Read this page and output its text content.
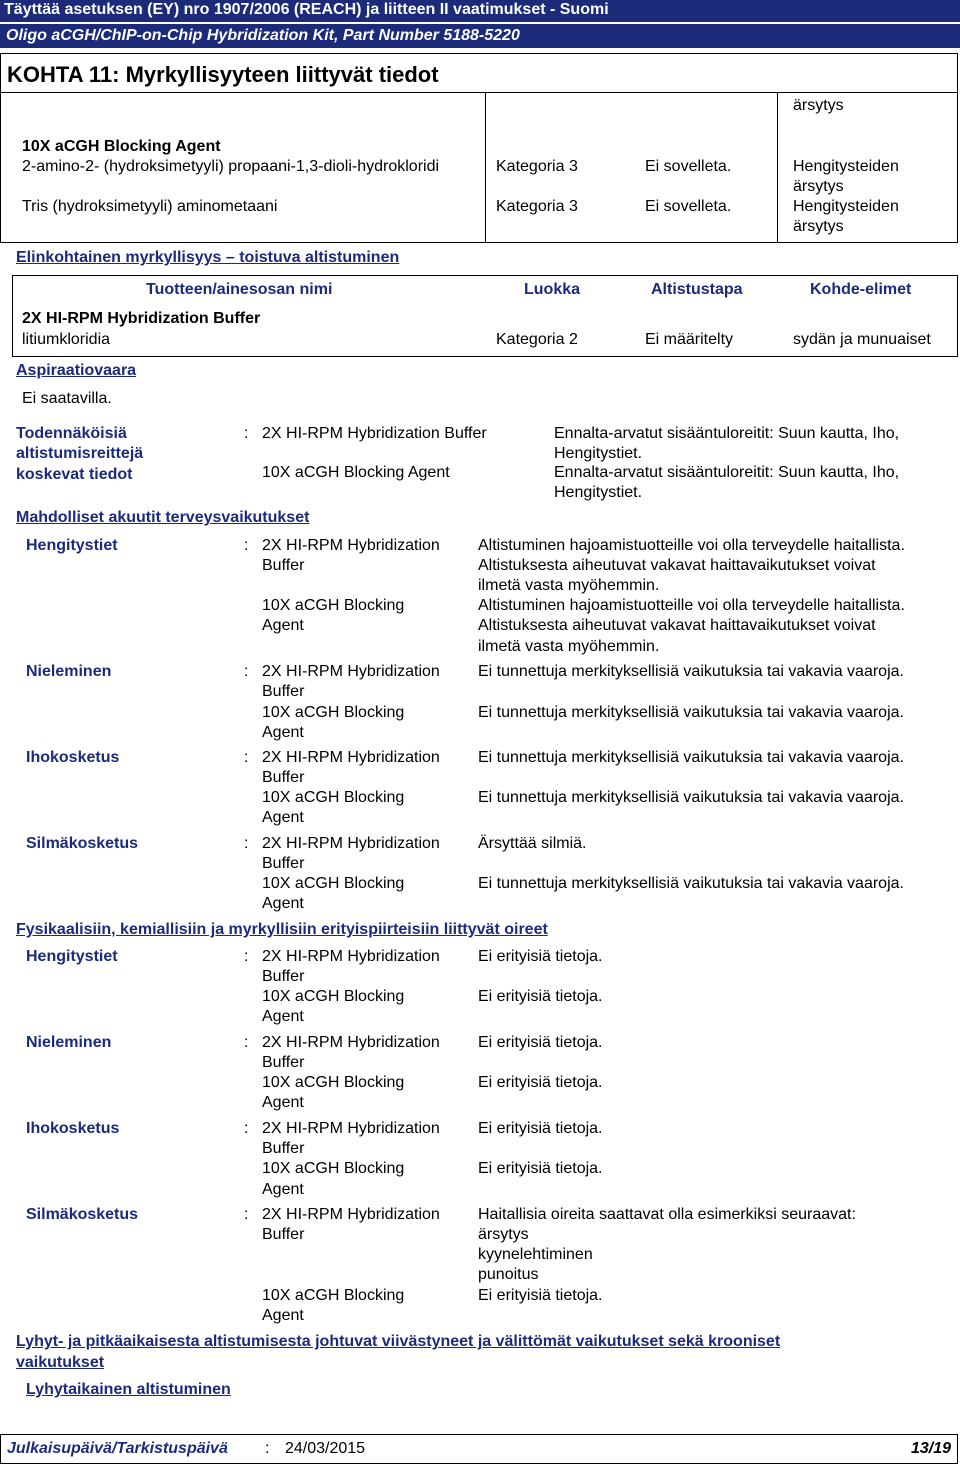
Täyttää asetuksen (EY) nro 1907/2006 (REACH) ja liitteen II vaatimukset - Suomi
Oligo aCGH/ChIP-on-Chip Hybridization Kit, Part Number 5188-5220
KOHTA 11: Myrkyllisyyteen liittyvät tiedot
ärsytys
10X aCGH Blocking Agent
2-amino-2- (hydroksimetyyli) propaani-1,3-dioli-hydrokloridi	Kategoria 3	Ei sovelleta.	Hengitysteiden
ärsytys
Tris (hydroksimetyyli) aminometaani	Kategoria 3	Ei sovelleta.	Hengitysteiden
ärsytys
Elinkohtainen myrkyllisyys – toistuva altistuminen
Tuotteen/ainesosan nimi	Luokka	Altistustapa	Kohde-elimet
2X HI-RPM Hybridization Buffer
litiumkloridia	Kategoria 2	Ei määritelty	sydän ja munuaiset
Aspiraatiovaara
Ei saatavilla.
Todennäköisiä
altistumisreittejä
koskevat tiedot
: 2X HI-RPM Hybridization Buffer	Ennalta-arvatut sisääntuloreitit: Suun kautta, Iho,
Hengitystiet.
10X aCGH Blocking Agent	Ennalta-arvatut sisääntuloreitit: Suun kautta, Iho,
Hengitystiet.
Mahdolliset akuutit terveysvaikutukset
Hengitystiet	: 2X HI-RPM Hybridization
Buffer
Altistuminen hajoamistuotteille voi olla terveydelle haitallista.
Altistuksesta aiheutuvat vakavat haittavaikutukset voivat
ilmetä vasta myöhemmin.
10X aCGH Blocking
Agent
Altistuminen hajoamistuotteille voi olla terveydelle haitallista.
Altistuksesta aiheutuvat vakavat haittavaikutukset voivat
ilmetä vasta myöhemmin.
Nieleminen	: 2X HI-RPM Hybridization
Buffer
Ei tunnettuja merkityksellisiä vaikutuksia tai vakavia vaaroja.
10X aCGH Blocking
Agent
Ei tunnettuja merkityksellisiä vaikutuksia tai vakavia vaaroja.
Ihokosketus	: 2X HI-RPM Hybridization
Buffer
Ei tunnettuja merkityksellisiä vaikutuksia tai vakavia vaaroja.
10X aCGH Blocking
Agent
Ei tunnettuja merkityksellisiä vaikutuksia tai vakavia vaaroja.
Silmäkosketus	: 2X HI-RPM Hybridization
Buffer
Ärsyttää silmiä.
10X aCGH Blocking
Agent
Ei tunnettuja merkityksellisiä vaikutuksia tai vakavia vaaroja.
Fysikaalisiin, kemiallisiin ja myrkyllisiin erityispiirteisiin liittyvät oireet
Hengitystiet	: 2X HI-RPM Hybridization
Buffer
Ei erityisiä tietoja.
10X aCGH Blocking
Agent
Ei erityisiä tietoja.
Nieleminen	: 2X HI-RPM Hybridization
Buffer
Ei erityisiä tietoja.
10X aCGH Blocking
Agent
Ei erityisiä tietoja.
Ihokosketus	: 2X HI-RPM Hybridization
Buffer
Ei erityisiä tietoja.
10X aCGH Blocking
Agent
Ei erityisiä tietoja.
Silmäkosketus	: 2X HI-RPM Hybridization
Buffer
Haitallisia oireita saattavat olla esimerkiksi seuraavat:
ärsytys
kyynelehtiminen
punoitus
10X aCGH Blocking
Agent
Ei erityisiä tietoja.
Lyhyt- ja pitkäaikaisesta altistumisesta johtuvat viivästyneet ja välittömät vaikutukset sekä krooniset
vaikutukset
Lyhytaikainen altistuminen
Julkaisupäivä/Tarkistuspäivä : 24/03/2015	13/19
